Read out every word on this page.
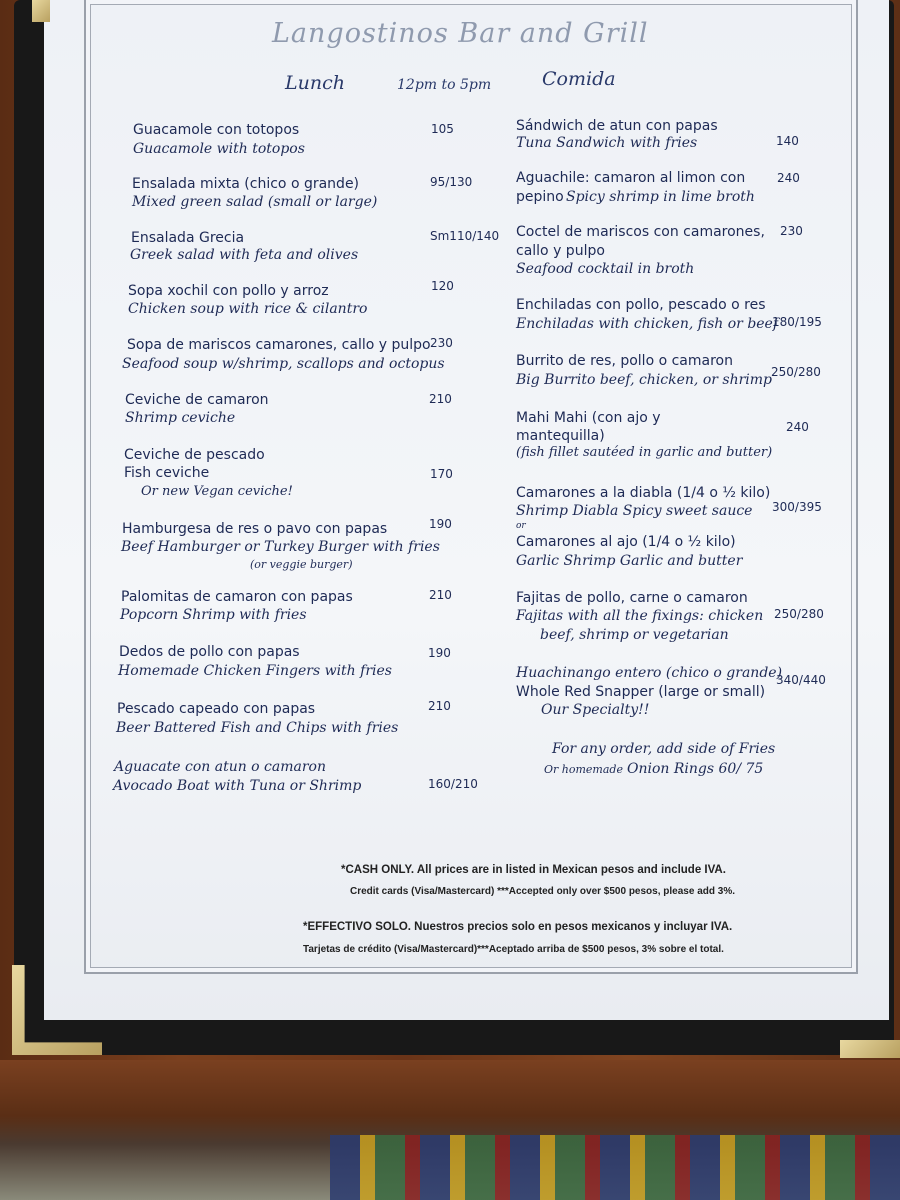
Langostinos Bar and Grill
Lunch	12pm to 5pm	Comida
Guacamole con totopos
Guacamole with totopos
105
Ensalada mixta (chico o grande)
Mixed green salad (small or large)
95/130
Ensalada Grecia
Greek salad with feta and olives
Sm110/140
Sopa xochil con pollo y arroz
Chicken soup with rice & cilantro
120
Sopa de mariscos camarones, callo y pulpo
Seafood soup w/shrimp, scallops and octopus
230
Ceviche de camaron
Shrimp ceviche
210
Ceviche de pescado
Fish ceviche
Or new Vegan ceviche!
170
Hamburgesa de res o pavo con papas
Beef Hamburger or Turkey Burger with fries
(or veggie burger)
190
Palomitas de camaron con papas
Popcorn Shrimp with fries
210
Dedos de pollo con papas
Homemade Chicken Fingers with fries
190
Pescado capeado con papas
Beer Battered Fish and Chips with fries
210
Aguacate con atun o camaron
Avocado Boat with Tuna or Shrimp	160/210
Sándwich de atun con papas
Tuna Sandwich with fries	140
Aguachile: camaron al limon con
pepino Spicy shrimp in lime broth
240
Coctel de mariscos con camarones,
callo y pulpo
Seafood cocktail in broth
230
Enchiladas con pollo, pescado o res
Enchiladas with chicken, fish or beef
180/195
Burrito de res, pollo o camaron
Big Burrito beef, chicken, or shrimp
250/280
Mahi Mahi (con ajo y
mantequilla)
(fish fillet sautéed in garlic and butter)
240
Camarones a la diabla (1/4 o ½ kilo)
Shrimp Diabla Spicy sweet sauce
or
Camarones al ajo (1/4 o ½ kilo)
Garlic Shrimp Garlic and butter
300/395
Fajitas de pollo, carne o camaron
Fajitas with all the fixings: chicken
beef, shrimp or vegetarian
250/280
Huachinango entero (chico o grande)
Whole Red Snapper (large or small)
Our Specialty!!
340/440
For any order, add side of Fries
Or homemade Onion Rings 60/ 75
*CASH ONLY. All prices are in listed in Mexican pesos and include IVA.
Credit cards (Visa/Mastercard) ***Accepted only over $500 pesos, please add 3%.
*EFFECTIVO SOLO. Nuestros precios solo en pesos mexicanos y incluyar IVA.
Tarjetas de crédito (Visa/Mastercard)***Aceptado arriba de $500 pesos, 3% sobre el total.
